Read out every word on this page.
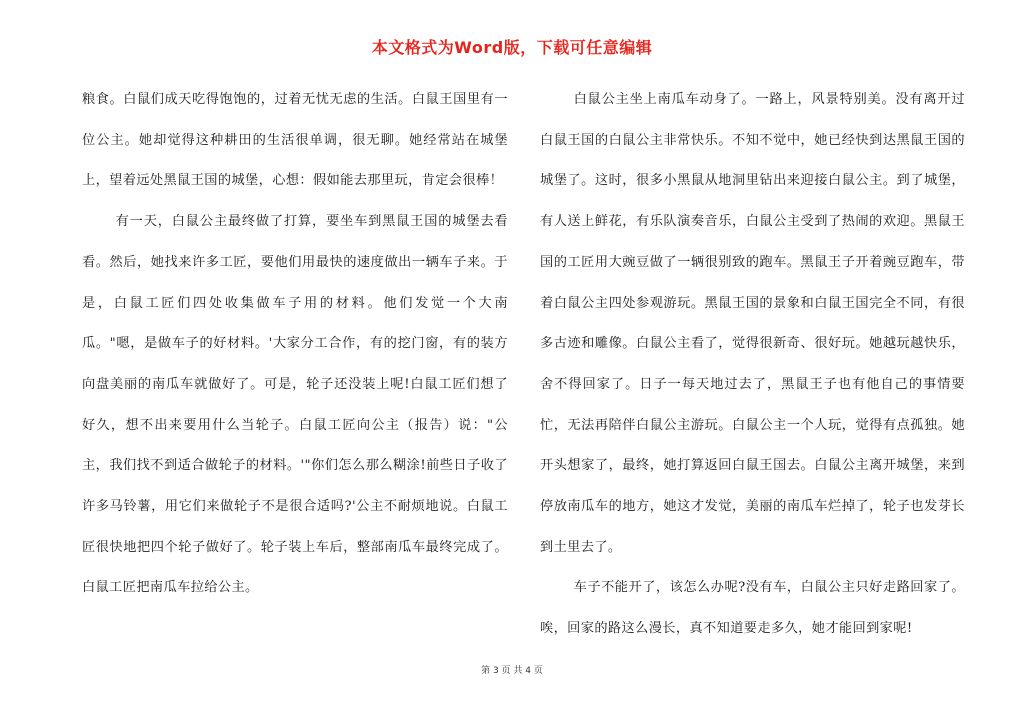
本文格式为Word版，下载可任意编辑

粮食。白鼠们成天吃得饱饱的，过着无忧无虑的生活。白鼠王国里有一位公主。她却觉得这种耕田的生活很单调，很无聊。她经常站在城堡上，望着远处黑鼠王国的城堡，心想：假如能去那里玩，肯定会很棒！

有一天，白鼠公主最终做了打算，要坐车到黑鼠王国的城堡去看看。然后，她找来许多工匠，要他们用最快的速度做出一辆车子来。于是，白鼠工匠们四处收集做车子用的材料。他们发觉一个大南瓜。"嗯，是做车子的好材料。'大家分工合作，有的挖门窗，有的装方向盘美丽的南瓜车就做好了。可是，轮子还没装上呢!白鼠工匠们想了好久，想不出来要用什么当轮子。白鼠工匠向公主（报告）说："公主，我们找不到适合做轮子的材料。'"你们怎么那么糊涂!前些日子收了许多马铃薯，用它们来做轮子不是很合适吗?'公主不耐烦地说。白鼠工匠很快地把四个轮子做好了。轮子装上车后，整部南瓜车最终完成了。白鼠工匠把南瓜车拉给公主。

白鼠公主坐上南瓜车动身了。一路上，风景特别美。没有离开过白鼠王国的白鼠公主非常快乐。不知不觉中，她已经快到达黑鼠王国的城堡了。这时，很多小黑鼠从地洞里钻出来迎接白鼠公主。到了城堡，有人送上鲜花，有乐队演奏音乐，白鼠公主受到了热闹的欢迎。黑鼠王国的工匠用大豌豆做了一辆很别致的跑车。黑鼠王子开着豌豆跑车，带着白鼠公主四处参观游玩。黑鼠王国的景象和白鼠王国完全不同，有很多古迹和雕像。白鼠公主看了，觉得很新奇、很好玩。她越玩越快乐，舍不得回家了。日子一每天地过去了，黑鼠王子也有他自己的事情要忙，无法再陪伴白鼠公主游玩。白鼠公主一个人玩，觉得有点孤独。她开头想家了，最终，她打算返回白鼠王国去。白鼠公主离开城堡，来到停放南瓜车的地方，她这才发觉，美丽的南瓜车烂掉了，轮子也发芽长到土里去了。

车子不能开了，该怎么办呢?没有车，白鼠公主只好走路回家了。唉，回家的路这么漫长，真不知道要走多久，她才能回到家呢!

第 3 页 共 4 页
